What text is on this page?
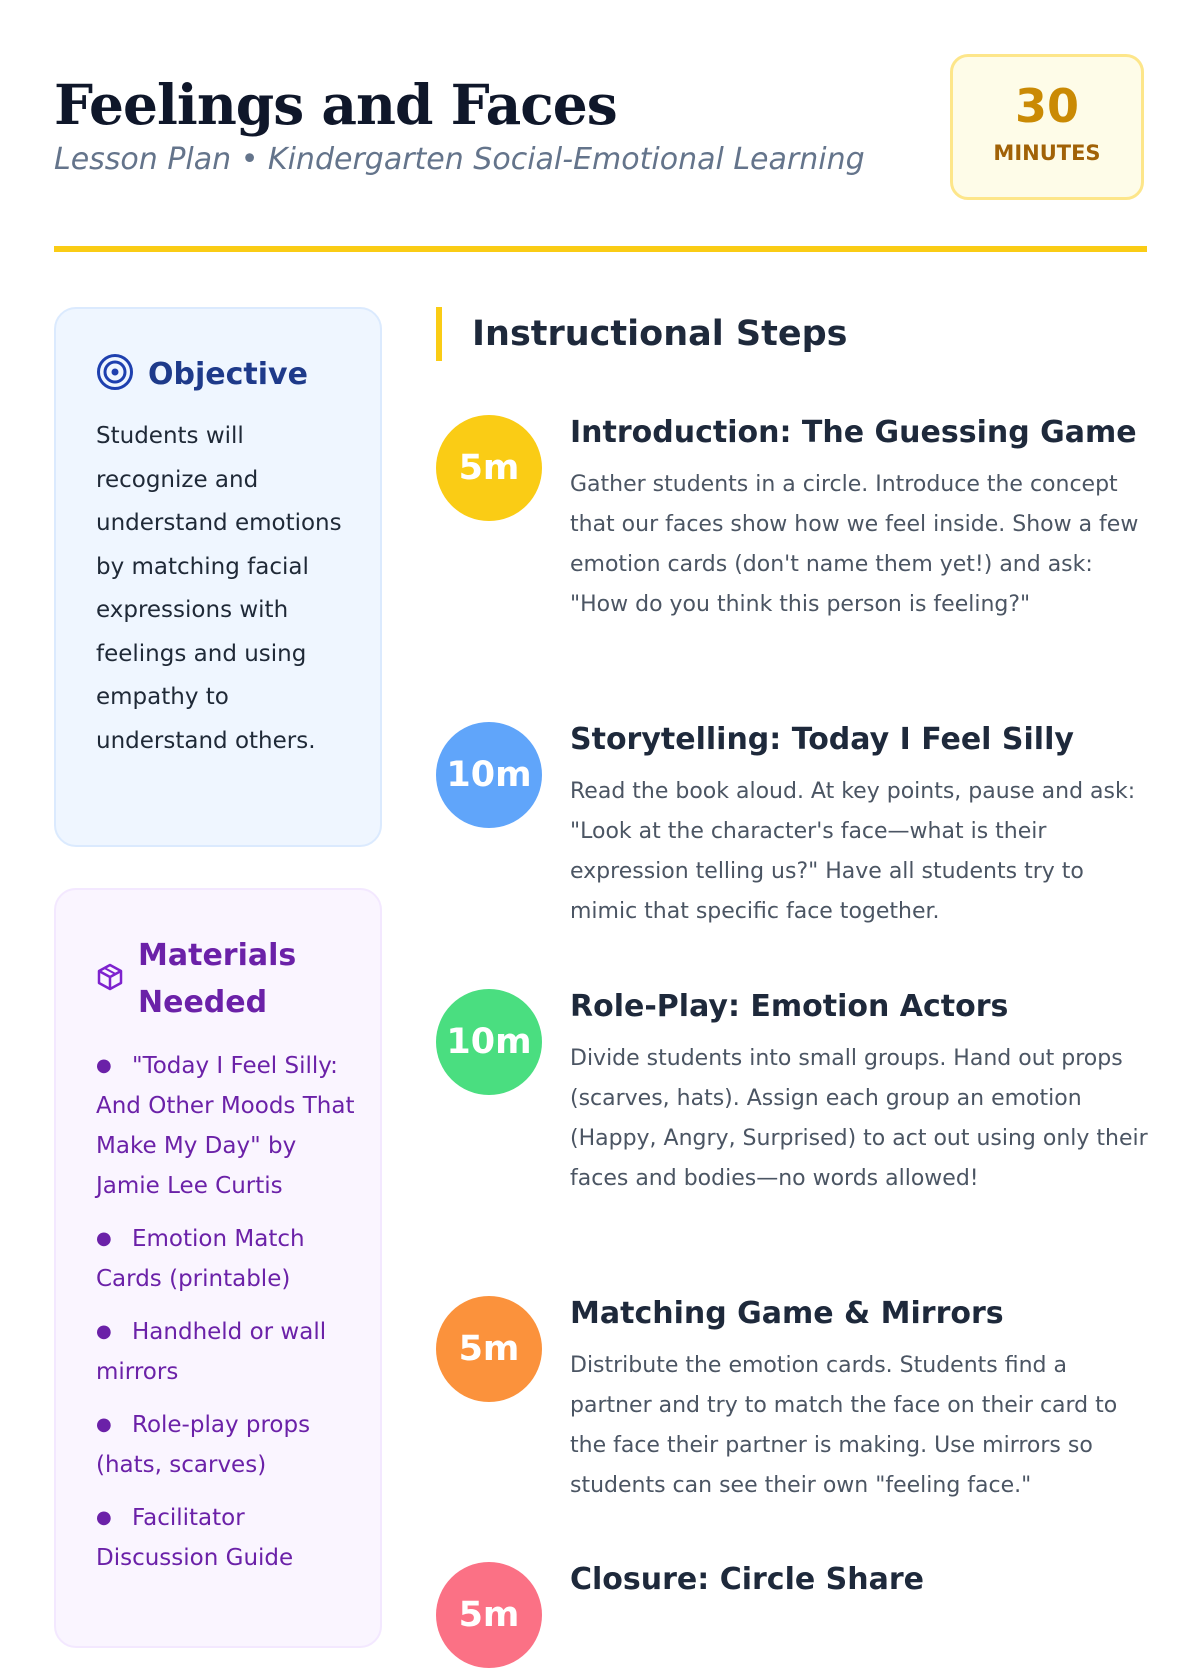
Feelings and Faces
Lesson Plan • Kindergarten Social-Emotional Learning
30
MINUTES
Objective
Students will recognize and understand emotions by matching facial expressions with feelings and using empathy to understand others.
Materials Needed
● "Today I Feel Silly: And Other Moods That Make My Day" by Jamie Lee Curtis
● Emotion Match Cards (printable)
● Handheld or wall mirrors
● Role-play props (hats, scarves)
● Facilitator Discussion Guide
Instructional Steps
5m
Introduction: The Guessing Game
Gather students in a circle. Introduce the concept that our faces show how we feel inside. Show a few emotion cards (don't name them yet!) and ask: "How do you think this person is feeling?"
10m
Storytelling: Today I Feel Silly
Read the book aloud. At key points, pause and ask: "Look at the character's face—what is their expression telling us?" Have all students try to mimic that specific face together.
10m
Role-Play: Emotion Actors
Divide students into small groups. Hand out props (scarves, hats). Assign each group an emotion (Happy, Angry, Surprised) to act out using only their faces and bodies—no words allowed!
5m
Matching Game & Mirrors
Distribute the emotion cards. Students find a partner and try to match the face on their card to the face their partner is making. Use mirrors so students can see their own "feeling face."
5m
Closure: Circle Share
